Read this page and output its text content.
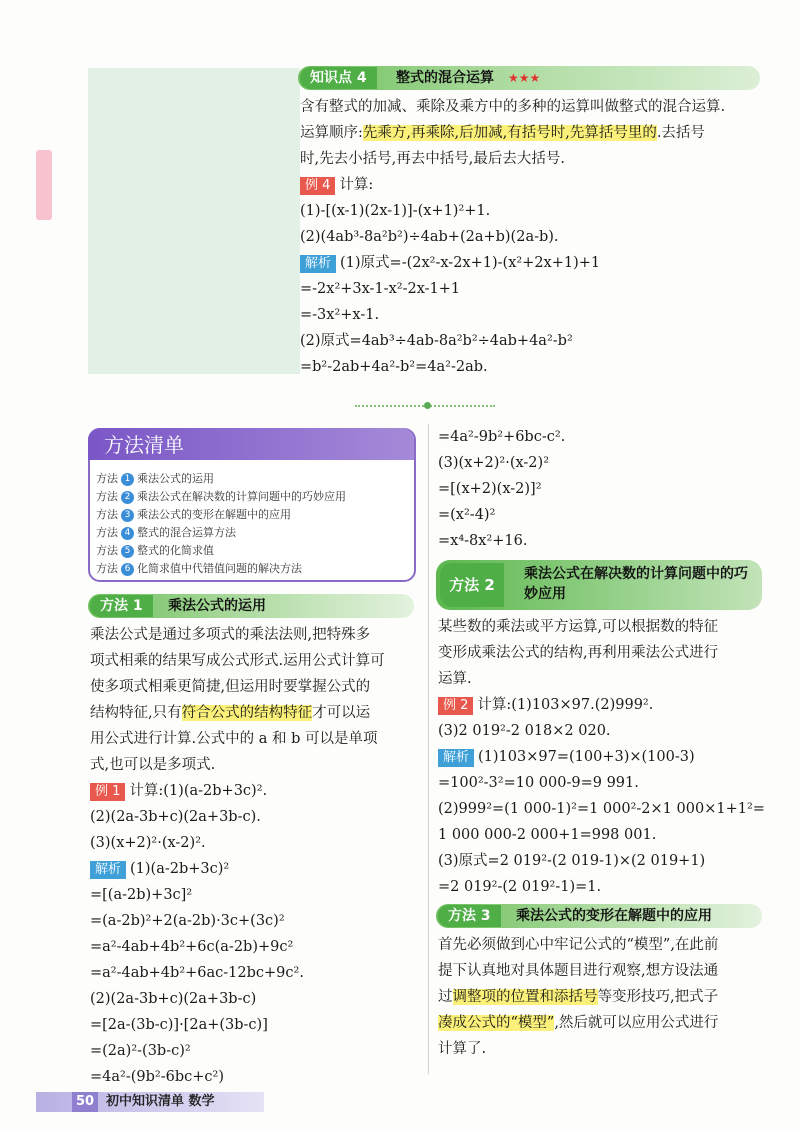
知识点 4	整式的混合运算 ★★★
含有整式的加减、乘除及乘方中的多种的运算叫做整式的混合运算.
运算顺序:先乘方,再乘除,后加减,有括号时,先算括号里的.去括号
时,先去小括号,再去中括号,最后去大括号.
例 4 计算:
(1)-[(x-1)(2x-1)]-(x+1)²+1.
(2)(4ab³-8a²b²)÷4ab+(2a+b)(2a-b).
解析 (1)原式=-(2x²-x-2x+1)-(x²+2x+1)+1
=-2x²+3x-1-x²-2x-1+1
=-3x²+x-1.
(2)原式=4ab³÷4ab-8a²b²÷4ab+4a²-b²
=b²-2ab+4a²-b²=4a²-2ab.
方法清单
方法 1 乘法公式的运用
方法 2 乘法公式在解决数的计算问题中的巧妙应用
方法 3 乘法公式的变形在解题中的应用
方法 4 整式的混合运算方法
方法 5 整式的化简求值
方法 6 化简求值中代错值问题的解决方法
方法 1	乘法公式的运用
乘法公式是通过多项式的乘法法则,把特殊多
项式相乘的结果写成公式形式.运用公式计算可
使多项式相乘更简捷,但运用时要掌握公式的
结构特征,只有符合公式的结构特征才可以运
用公式进行计算.公式中的 a 和 b 可以是单项
式,也可以是多项式.
例 1 计算:(1)(a-2b+3c)².
(2)(2a-3b+c)(2a+3b-c).
(3)(x+2)²·(x-2)².
解析 (1)(a-2b+3c)²
=[(a-2b)+3c]²
=(a-2b)²+2(a-2b)·3c+(3c)²
=a²-4ab+4b²+6c(a-2b)+9c²
=a²-4ab+4b²+6ac-12bc+9c².
(2)(2a-3b+c)(2a+3b-c)
=[2a-(3b-c)]·[2a+(3b-c)]
=(2a)²-(3b-c)²
=4a²-(9b²-6bc+c²)
=4a²-9b²+6bc-c².
(3)(x+2)²·(x-2)²
=[(x+2)(x-2)]²
=(x²-4)²
=x⁴-8x²+16.
方法 2
乘法公式在解决数的计算问题中的巧妙应用
某些数的乘法或平方运算,可以根据数的特征
变形成乘法公式的结构,再利用乘法公式进行
运算.
例 2 计算:(1)103×97.(2)999².
(3)2 019²-2 018×2 020.
解析 (1)103×97=(100+3)×(100-3)
=100²-3²=10 000-9=9 991.
(2)999²=(1 000-1)²=1 000²-2×1 000×1+1²=
1 000 000-2 000+1=998 001.
(3)原式=2 019²-(2 019-1)×(2 019+1)
=2 019²-(2 019²-1)=1.
方法 3	乘法公式的变形在解题中的应用
首先必须做到心中牢记公式的“模型”,在此前
提下认真地对具体题目进行观察,想方设法通
过调整项的位置和添括号等变形技巧,把式子
凑成公式的“模型”,然后就可以应用公式进行
计算了.
50 初中知识清单 数学
